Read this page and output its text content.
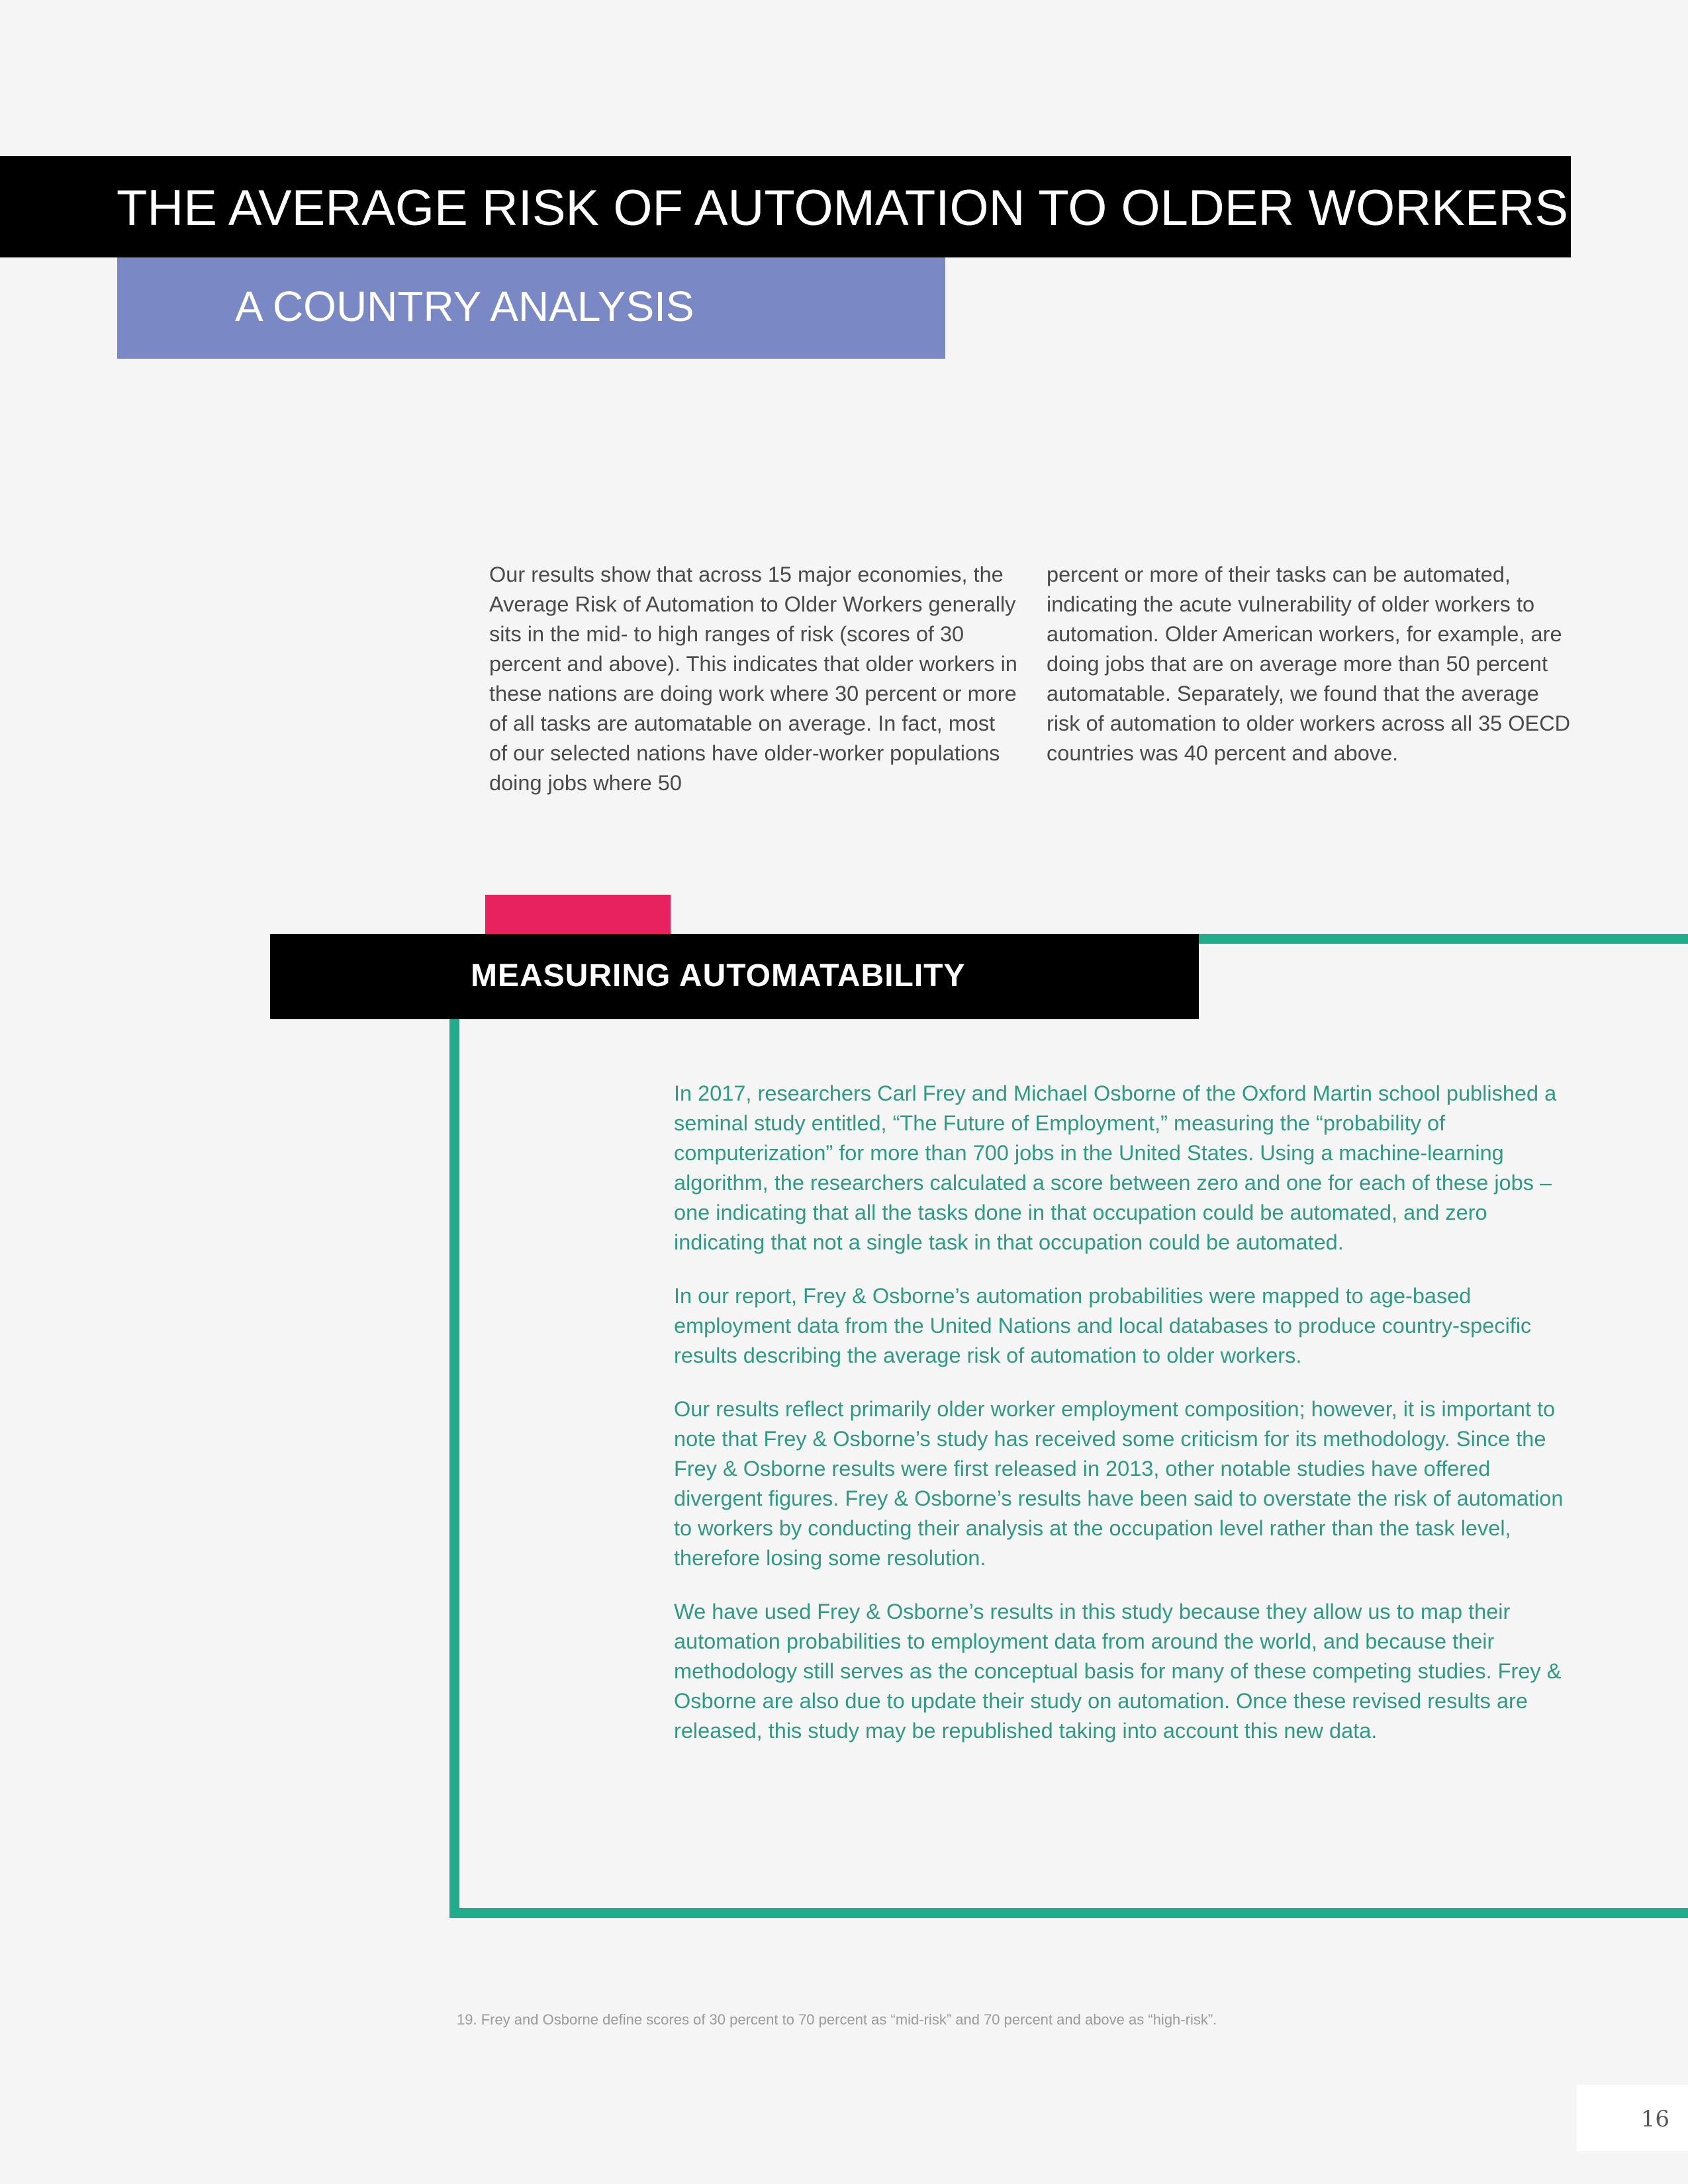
THE AVERAGE RISK OF AUTOMATION TO OLDER WORKERS
A COUNTRY ANALYSIS

Our results show that across 15 major economies, the Average Risk of Automation to Older Workers generally sits in the mid- to high ranges of risk (scores of 30 percent and above). This indicates that older workers in these nations are doing work where 30 percent or more of all tasks are automatable on average. In fact, most of our selected nations have older-worker populations doing jobs where 50

percent or more of their tasks can be automated, indicating the acute vulnerability of older workers to automation. Older American workers, for example, are doing jobs that are on average more than 50 percent automatable. Separately, we found that the average risk of automation to older workers across all 35 OECD countries was 40 percent and above.

MEASURING AUTOMATABILITY

In 2017, researchers Carl Frey and Michael Osborne of the Oxford Martin school published a seminal study entitled, “The Future of Employment,” measuring the “probability of computerization” for more than 700 jobs in the United States. Using a machine-learning algorithm, the researchers calculated a score between zero and one for each of these jobs – one indicating that all the tasks done in that occupation could be automated, and zero indicating that not a single task in that occupation could be automated.

In our report, Frey & Osborne’s automation probabilities were mapped to age-based employment data from the United Nations and local databases to produce country-specific results describing the average risk of automation to older workers.

Our results reflect primarily older worker employment composition; however, it is important to note that Frey & Osborne’s study has received some criticism for its methodology. Since the Frey & Osborne results were first released in 2013, other notable studies have offered divergent figures. Frey & Osborne’s results have been said to overstate the risk of automation to workers by conducting their analysis at the occupation level rather than the task level, therefore losing some resolution.

We have used Frey & Osborne’s results in this study because they allow us to map their automation probabilities to employment data from around the world, and because their methodology still serves as the conceptual basis for many of these competing studies. Frey & Osborne are also due to update their study on automation. Once these revised results are released, this study may be republished taking into account this new data.

19. Frey and Osborne define scores of 30 percent to 70 percent as “mid-risk” and 70 percent and above as “high-risk”.

16
